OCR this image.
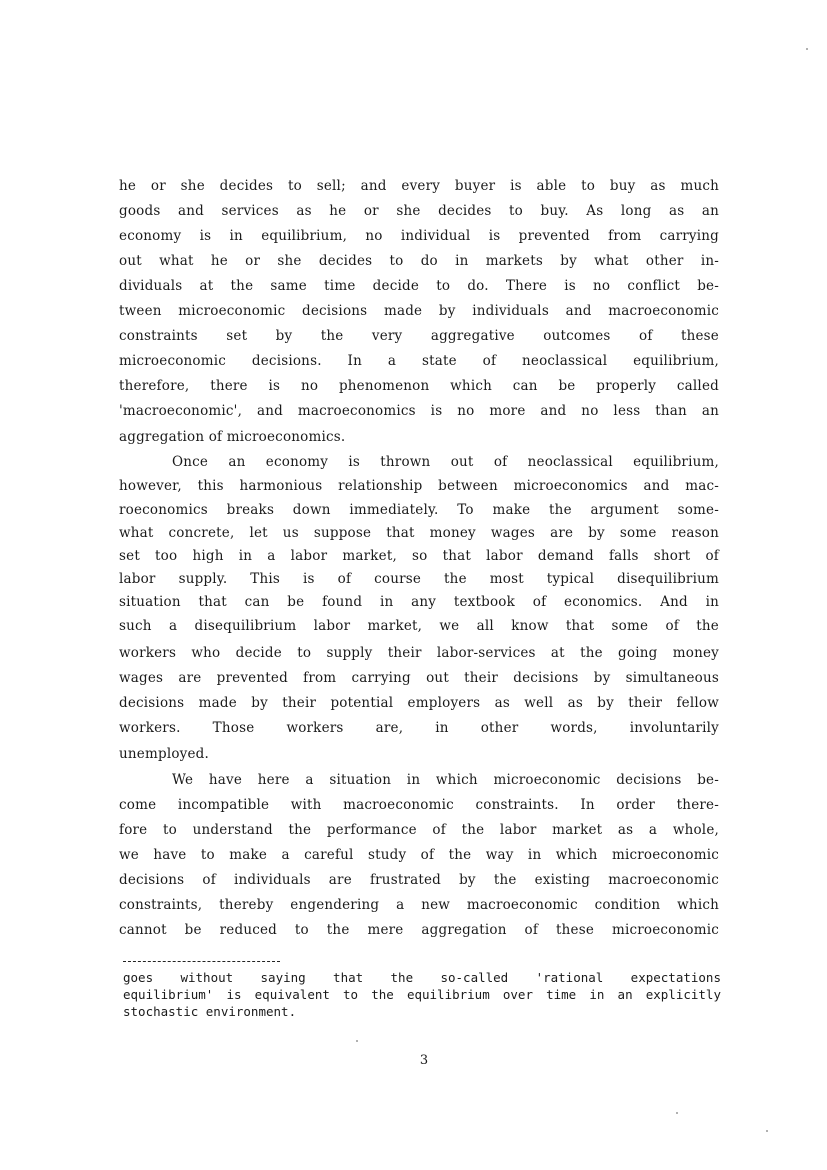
he or she decides to sell; and every buyer is able to buy as much
goods and services as he or she decides to buy. As long as an
economy is in equilibrium, no individual is prevented from carrying
out what he or she decides to do in markets by what other in-
dividuals at the same time decide to do. There is no conflict be-
tween microeconomic decisions made by individuals and macroeconomic
constraints set by the very aggregative outcomes of these
microeconomic decisions. In a state of neoclassical equilibrium,
therefore, there is no phenomenon which can be properly called
'macroeconomic', and macroeconomics is no more and no less than an
aggregation of microeconomics.
Once an economy is thrown out of neoclassical equilibrium,
however, this harmonious relationship between microeconomics and mac-
roeconomics breaks down immediately. To make the argument some-
what concrete, let us suppose that money wages are by some reason
set too high in a labor market, so that labor demand falls short of
labor supply. This is of course the most typical disequilibrium
situation that can be found in any textbook of economics. And in
such a disequilibrium labor market, we all know that some of the
workers who decide to supply their labor-services at the going money
wages are prevented from carrying out their decisions by simultaneous
decisions made by their potential employers as well as by their fellow
workers. Those workers are, in other words, involuntarily
unemployed.
We have here a situation in which microeconomic decisions be-
come incompatible with macroeconomic constraints. In order there-
fore to understand the performance of the labor market as a whole,
we have to make a careful study of the way in which microeconomic
decisions of individuals are frustrated by the existing macroeconomic
constraints, thereby engendering a new macroeconomic condition which
cannot be reduced to the mere aggregation of these microeconomic
goes without saying that the so-called 'rational expectations
equilibrium' is equivalent to the equilibrium over time in an explicitly
stochastic environment.
3
